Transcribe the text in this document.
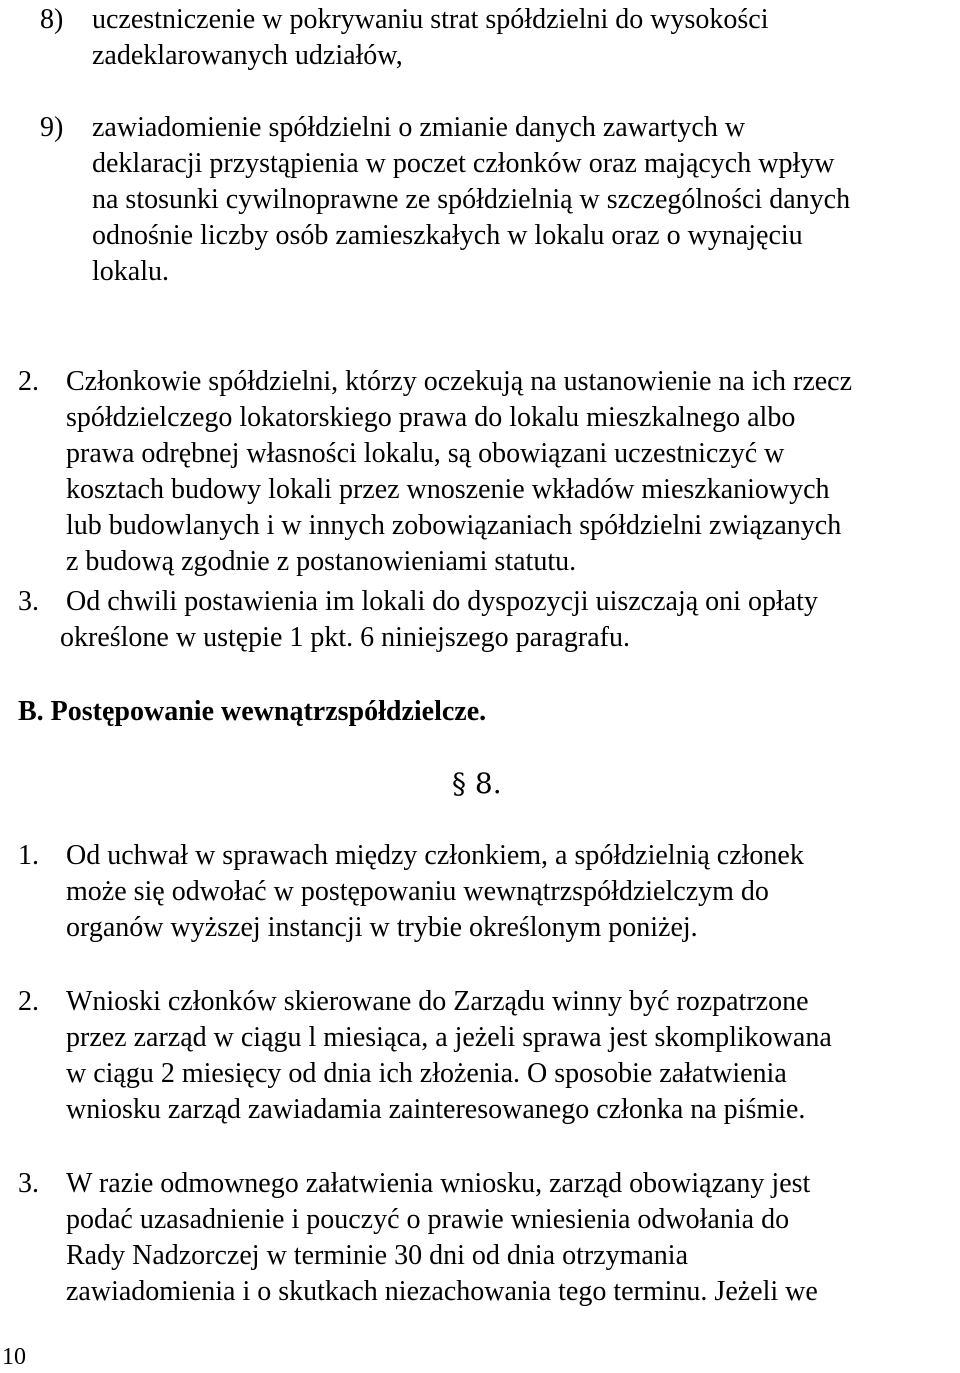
8) uczestniczenie w pokrywaniu strat spółdzielni do wysokości
zadeklarowanych udziałów,
9) zawiadomienie spółdzielni o zmianie danych zawartych w
deklaracji przystąpienia w poczet członków oraz mających wpływ
na stosunki cywilnoprawne ze spółdzielnią w szczególności danych
odnośnie liczby osób zamieszkałych w lokalu oraz o wynajęciu
lokalu.
2. Członkowie spółdzielni, którzy oczekują na ustanowienie na ich rzecz
spółdzielczego lokatorskiego prawa do lokalu mieszkalnego albo
prawa odrębnej własności lokalu, są obowiązani uczestniczyć w
kosztach budowy lokali przez wnoszenie wkładów mieszkaniowych
lub budowlanych i w innych zobowiązaniach spółdzielni związanych
z budową zgodnie z postanowieniami statutu.
3. Od chwili postawienia im lokali do dyspozycji uiszczają oni opłaty
określone w ustępie 1 pkt. 6 niniejszego paragrafu.
B. Postępowanie wewnątrzspółdzielcze.
§ 8.
1. Od uchwał w sprawach między członkiem, a spółdzielnią członek
może się odwołać w postępowaniu wewnątrzspółdzielczym do
organów wyższej instancji w trybie określonym poniżej.
2. Wnioski członków skierowane do Zarządu winny być rozpatrzone
przez zarząd w ciągu l miesiąca, a jeżeli sprawa jest skomplikowana
w ciągu 2 miesięcy od dnia ich złożenia. O sposobie załatwienia
wniosku zarząd zawiadamia zainteresowanego członka na piśmie.
3. W razie odmownego załatwienia wniosku, zarząd obowiązany jest
podać uzasadnienie i pouczyć o prawie wniesienia odwołania do
Rady Nadzorczej w terminie 30 dni od dnia otrzymania
zawiadomienia i o skutkach niezachowania tego terminu. Jeżeli we
10
